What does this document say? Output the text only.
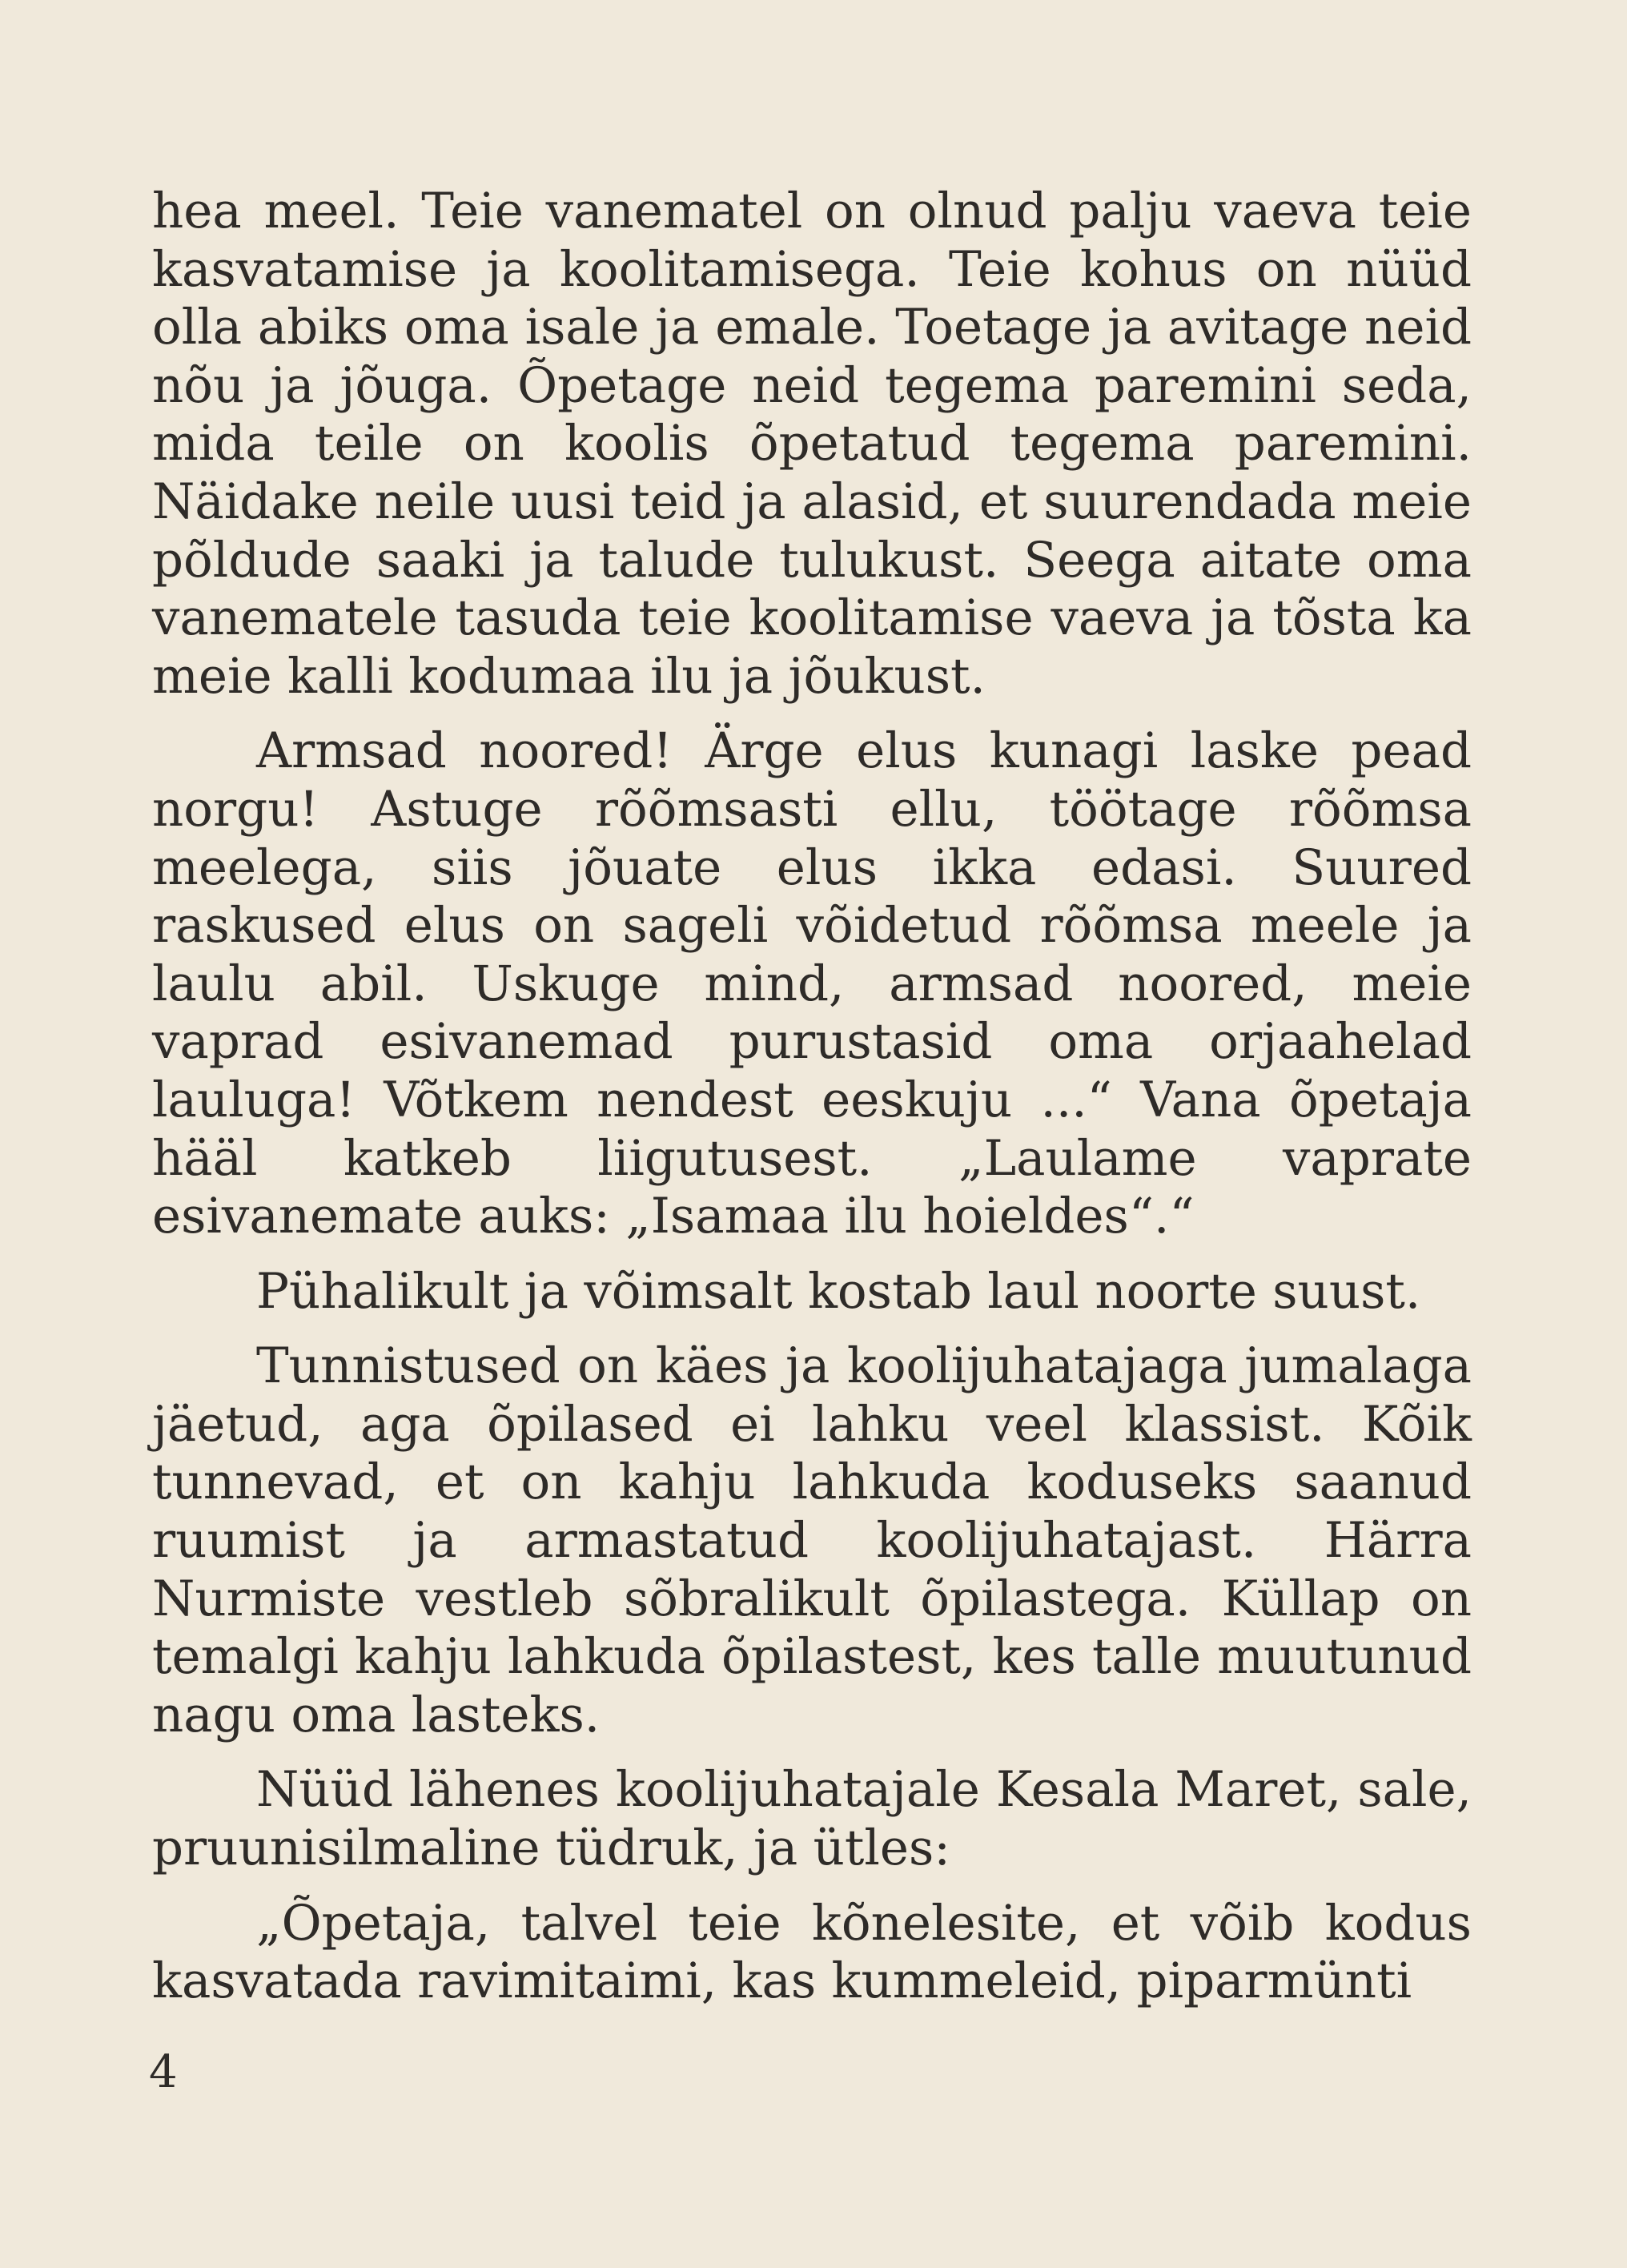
hea meel. Teie vanematel on olnud palju vaeva teie kasvatamise ja koolitamisega. Teie kohus on nüüd olla abiks oma isale ja emale. Toetage ja avitage neid nõu ja jõuga. Õpetage neid tegema paremini seda, mida teile on koolis õpetatud tegema paremini. Näidake neile uusi teid ja alasid, et suurendada meie põldude saaki ja talude tulukust. Seega aitate oma vanematele tasuda teie koolitamise vaeva ja tõsta ka meie kalli kodumaa ilu ja jõukust.

Armsad noored! Ärge elus kunagi laske pead norgu! Astuge rõõmsasti ellu, töötage rõõmsa meelega, siis jõuate elus ikka edasi. Suured raskused elus on sageli võidetud rõõmsa meele ja laulu abil. Uskuge mind, armsad noored, meie vaprad esivanemad purustasid oma orjaahelad lauluga! Võtkem nendest eeskuju ...“ Vana õpetaja hääl katkeb liigutusest. „Laulame vaprate esivanemate auks: „Isamaa ilu hoieldes“.“

Pühalikult ja võimsalt kostab laul noorte suust.

Tunnistused on käes ja koolijuhatajaga jumalaga jäetud, aga õpilased ei lahku veel klassist. Kõik tunnevad, et on kahju lahkuda koduseks saanud ruumist ja armastatud koolijuhatajast. Härra Nurmiste vestleb sõbralikult õpilastega. Küllap on temalgi kahju lahkuda õpilastest, kes talle muutunud nagu oma lasteks.

Nüüd lähenes koolijuhatajale Kesala Maret, sale, pruunisilmaline tüdruk, ja ütles:

„Õpetaja, talvel teie kõnelesite, et võib kodus kasvatada ravimitaimi, kas kummeleid, piparmünti

4
